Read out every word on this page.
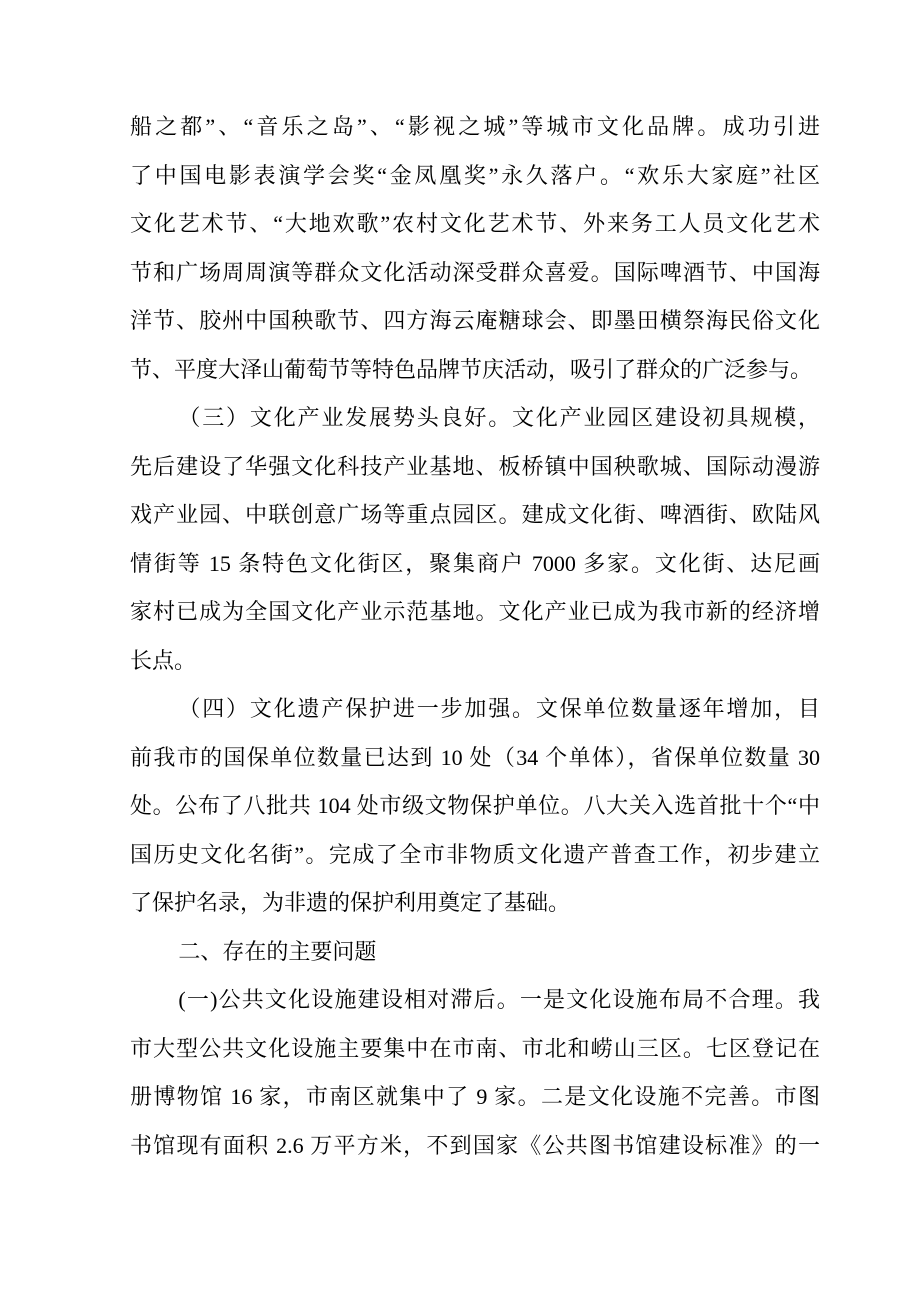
船之都”、“音乐之岛”、“影视之城”等城市文化品牌。成功引进
了中国电影表演学会奖“金凤凰奖”永久落户。“欢乐大家庭”社区
文化艺术节、“大地欢歌”农村文化艺术节、外来务工人员文化艺术
节和广场周周演等群众文化活动深受群众喜爱。国际啤酒节、中国海
洋节、胶州中国秧歌节、四方海云庵糖球会、即墨田横祭海民俗文化
节、平度大泽山葡萄节等特色品牌节庆活动，吸引了群众的广泛参与。
（三）文化产业发展势头良好。文化产业园区建设初具规模，
先后建设了华强文化科技产业基地、板桥镇中国秧歌城、国际动漫游
戏产业园、中联创意广场等重点园区。建成文化街、啤酒街、欧陆风
情街等 15 条特色文化街区，聚集商户 7000 多家。文化街、达尼画
家村已成为全国文化产业示范基地。文化产业已成为我市新的经济增
长点。
（四）文化遗产保护进一步加强。文保单位数量逐年增加，目
前我市的国保单位数量已达到 10 处（34 个单体），省保单位数量 30
处。公布了八批共 104 处市级文物保护单位。八大关入选首批十个“中
国历史文化名街”。完成了全市非物质文化遗产普查工作，初步建立
了保护名录，为非遗的保护利用奠定了基础。
二、存在的主要问题
(一)公共文化设施建设相对滞后。一是文化设施布局不合理。我
市大型公共文化设施主要集中在市南、市北和崂山三区。七区登记在
册博物馆 16 家，市南区就集中了 9 家。二是文化设施不完善。市图
书馆现有面积 2.6 万平方米，不到国家《公共图书馆建设标准》的一
